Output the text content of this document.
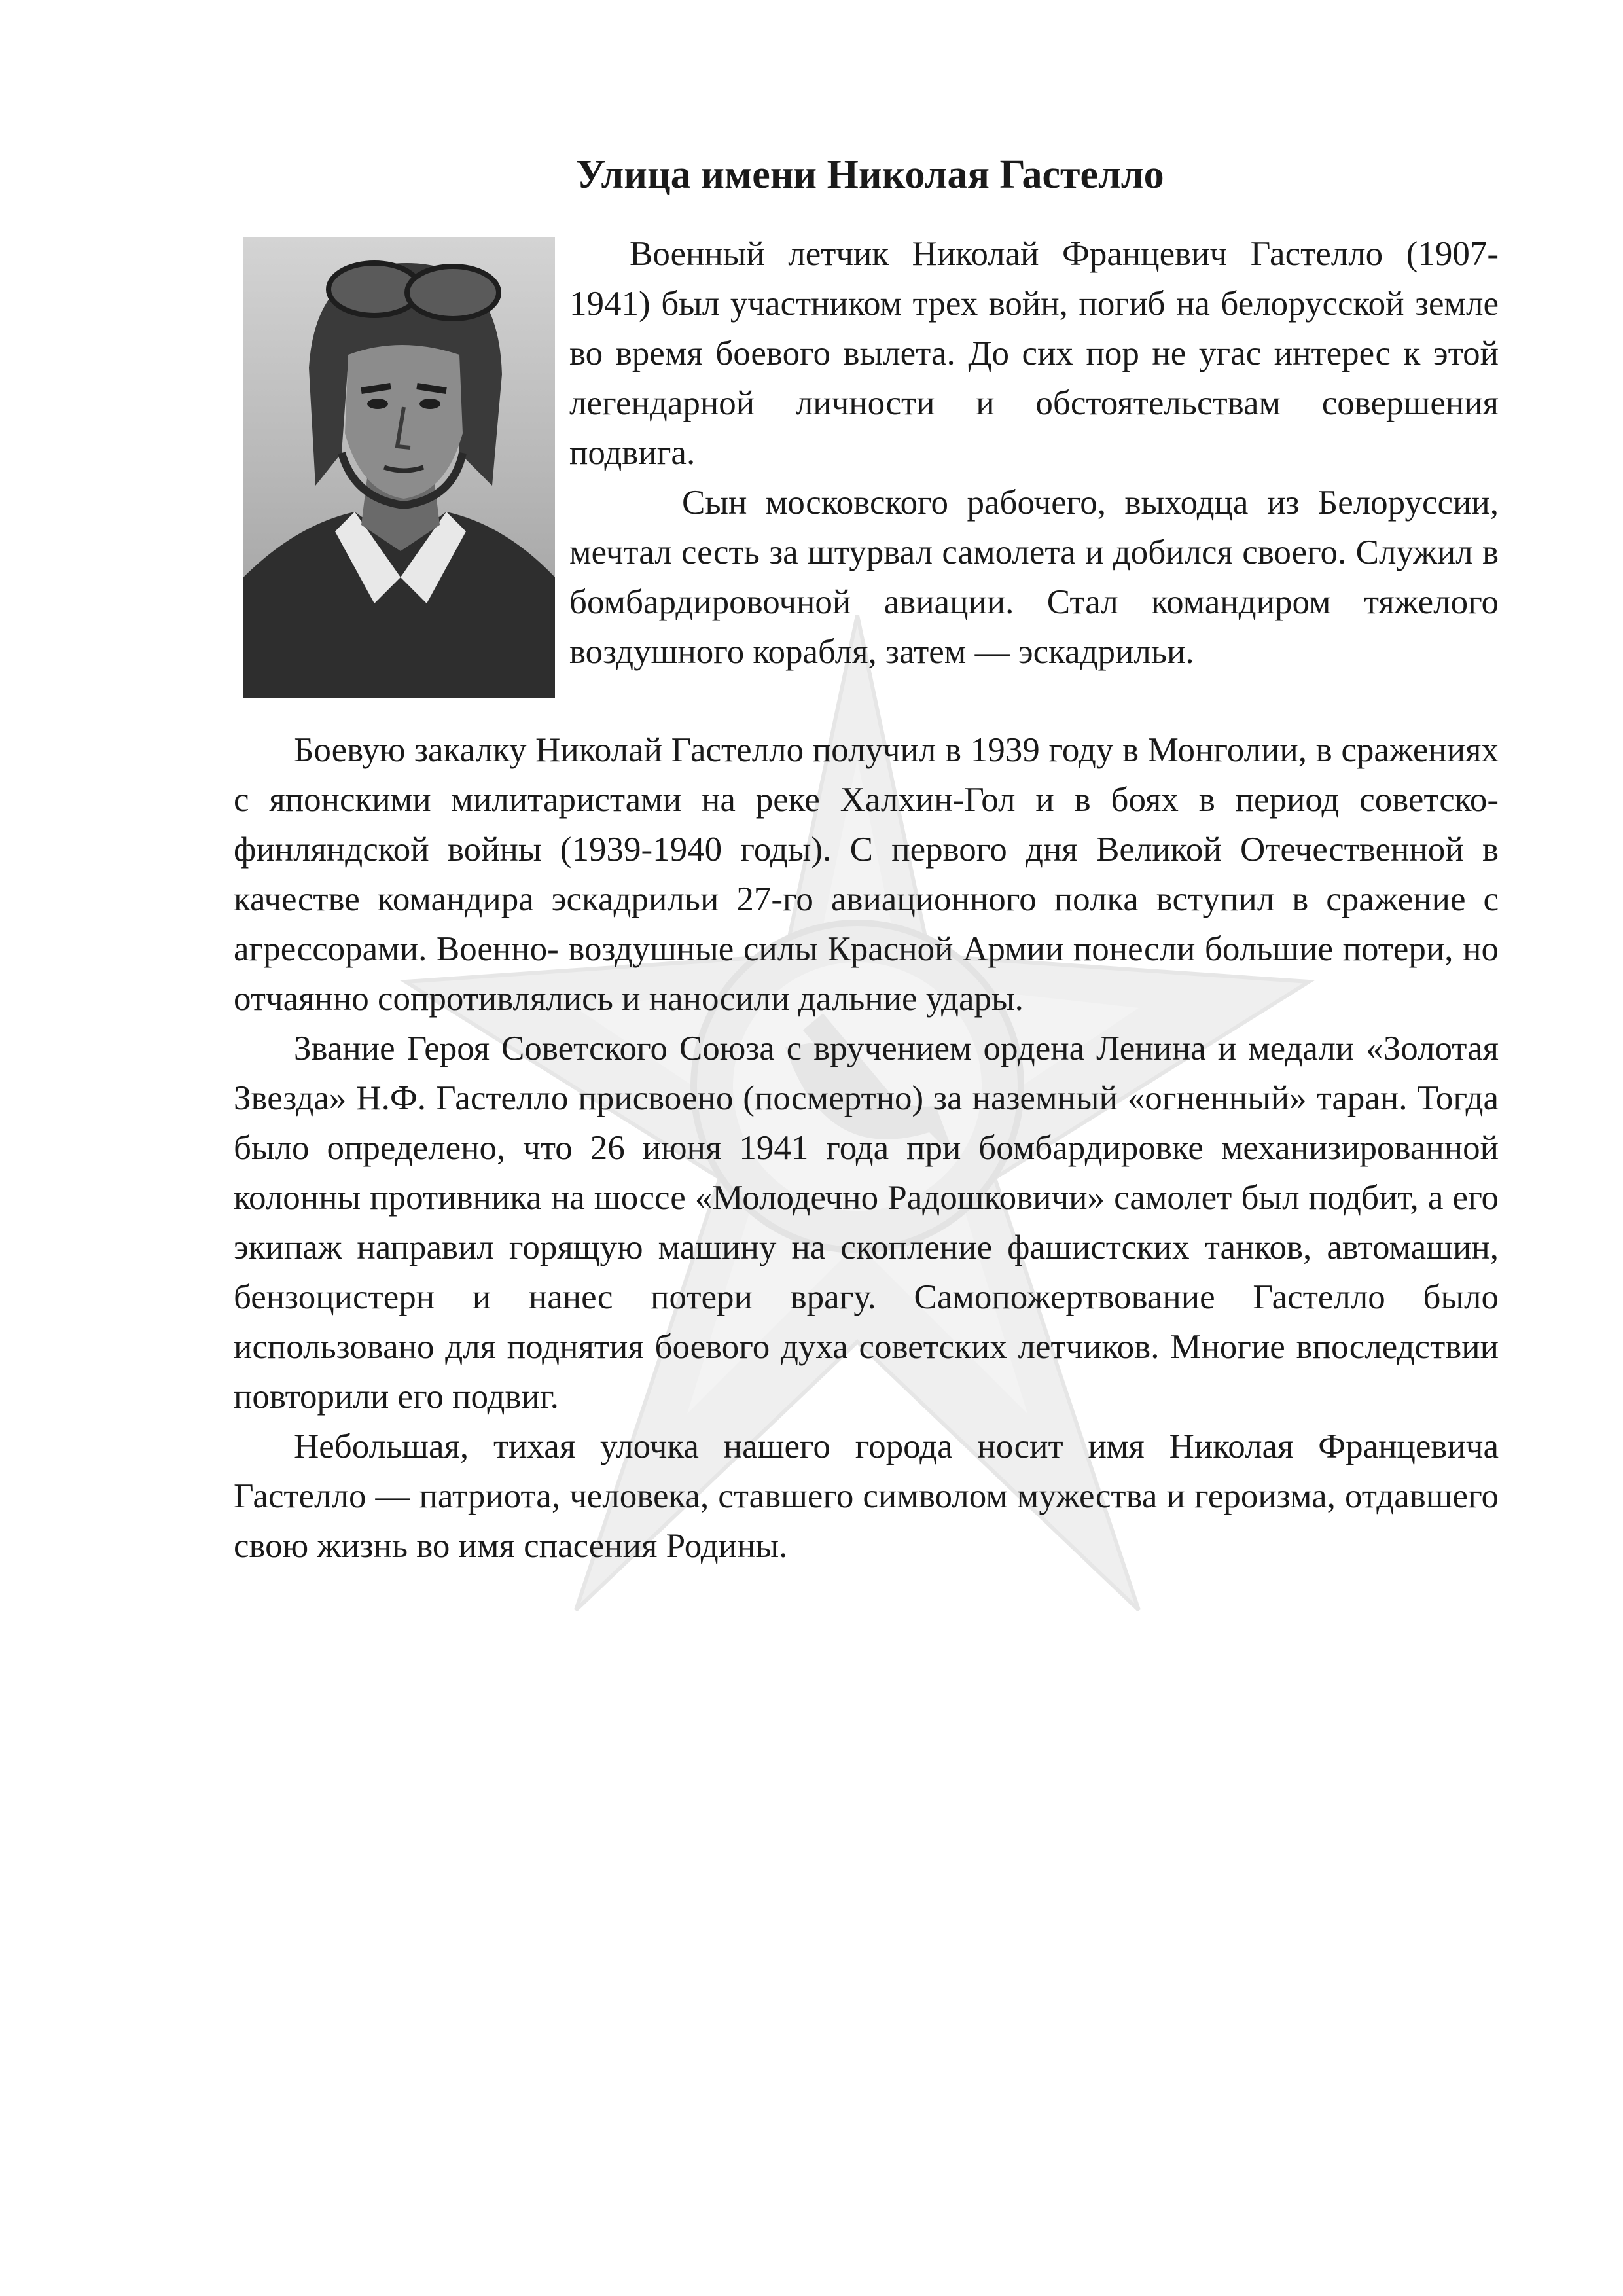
Улица имени Николая Гастелло

Военный летчик Николай Францевич Гастелло (1907- 1941) был участником трех войн, погиб на белорусской земле во время боевого вылета. До сих пор не угас интерес к этой легендарной личности и обстоятельствам совершения подвига.

Сын московского рабочего, выходца из Белоруссии, мечтал сесть за штурвал самолета и добился своего. Служил в бомбардировочной авиации. Стал командиром тяжелого воздушного корабля, затем — эскадрильи.

Боевую закалку Николай Гастелло получил в 1939 году в Монголии, в сражениях с японскими милитаристами на реке Халхин-Гол и в боях в период советско-финляндской войны (1939-1940 годы). С первого дня Великой Отечественной в качестве командира эскадрильи 27-го авиационного полка вступил в сражение с агрессорами. Военно- воздушные силы Красной Армии понесли большие потери, но отчаянно сопротивлялись и наносили дальние удары.

Звание Героя Советского Союза с вручением ордена Ленина и медали «Золотая Звезда» Н.Ф. Гастелло присвоено (посмертно) за наземный «огненный» таран. Тогда было определено, что 26 июня 1941 года при бомбардировке механизированной колонны противника на шоссе «Молодечно Радошковичи» самолет был подбит, а его экипаж направил горящую машину на скопление фашистских танков, автомашин, бензоцистерн и нанес потери врагу. Самопожертвование Гастелло было использовано для поднятия боевого духа советских летчиков. Многие впоследствии повторили его подвиг.

Небольшая, тихая улочка нашего города носит имя Николая Францевича Гастелло — патриота, человека, ставшего символом мужества и героизма, отдавшего свою жизнь во имя спасения Родины.
